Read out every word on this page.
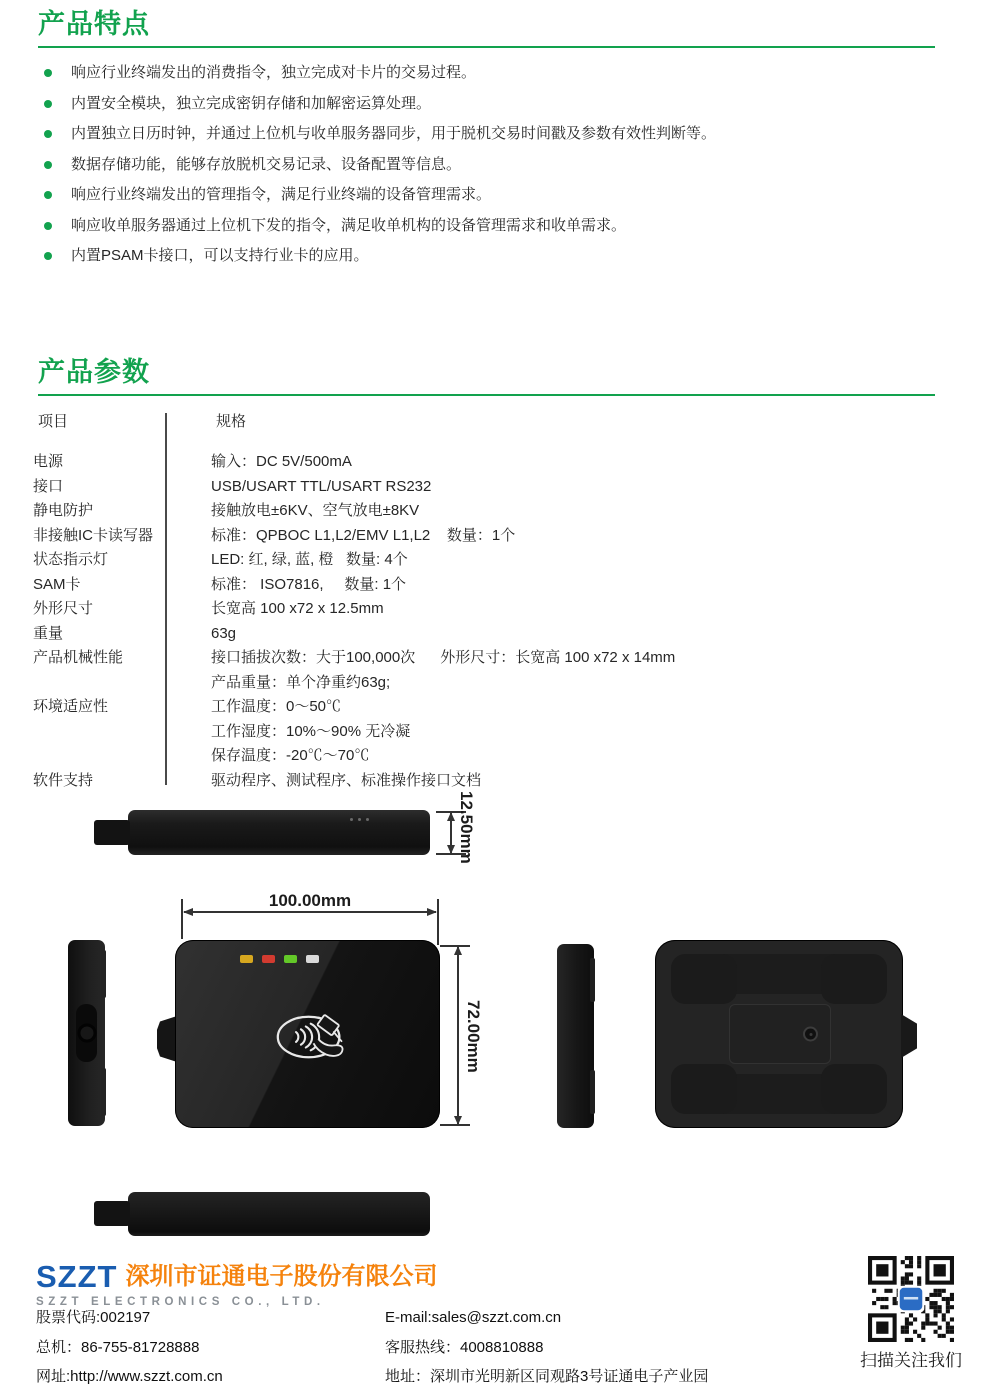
产品特点
响应行业终端发出的消费指令，独立完成对卡片的交易过程。
内置安全模块，独立完成密钥存储和加解密运算处理。
内置独立日历时钟，并通过上位机与收单服务器同步，用于脱机交易时间戳及参数有效性判断等。
数据存储功能，能够存放脱机交易记录、设备配置等信息。
响应行业终端发出的管理指令，满足行业终端的设备管理需求。
响应收单服务器通过上位机下发的指令，满足收单机构的设备管理需求和收单需求。
内置PSAM卡接口，可以支持行业卡的应用。
产品参数
项目	规格
电源	输入：DC 5V/500mA
接口	USB/USART TTL/USART RS232
静电防护	接触放电±6KV、空气放电±8KV
非接触IC卡读写器	标准：QPBOC L1,L2/EMV L1,L2    数量：1个
状态指示灯	LED: 红, 绿, 蓝, 橙   数量: 4个
SAM卡	标准： ISO7816,     数量: 1个
外形尺寸	长宽高 100 x72 x 12.5mm
重量	63g
产品机械性能	接口插拔次数：大于100,000次      外形尺寸：长宽高 100 x72 x 14mm
产品重量：单个净重约63g;
环境适应性	工作温度：0～50℃
工作湿度：10%～90% 无冷凝
保存温度：-20℃～70℃
软件支持	驱动程序、测试程序、标准操作接口文档
12.50mm
100.00mm
72.00mm
SZZT 深圳市证通电子股份有限公司
SZZT ELECTRONICS CO., LTD.
股票代码:002197
总机：86-755-81728888
网址:http://www.szzt.com.cn
E-mail:sales@szzt.com.cn
客服热线：4008810888
地址：深圳市光明新区同观路3号证通电子产业园
扫描关注我们
